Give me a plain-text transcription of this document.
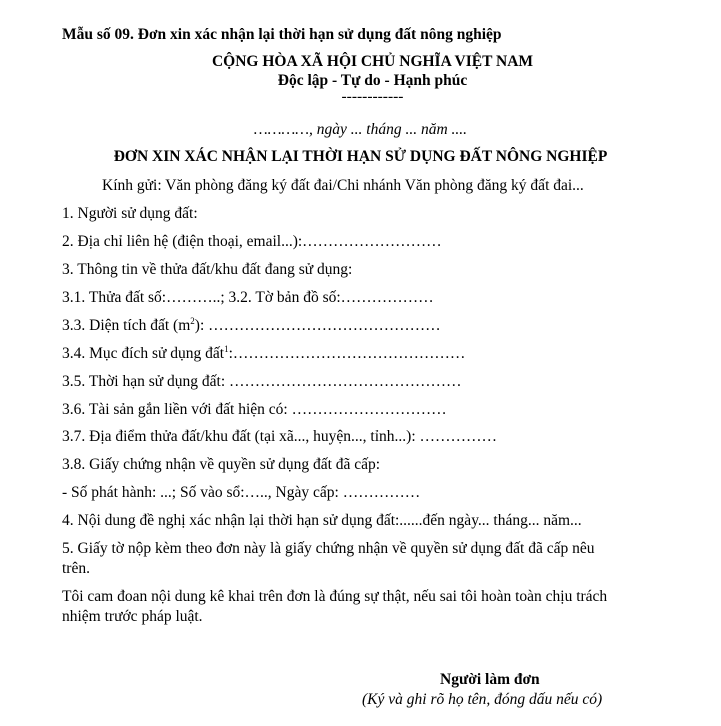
Mẫu số 09. Đơn xin xác nhận lại thời hạn sử dụng đất nông nghiệp
CỘNG HÒA XÃ HỘI CHỦ NGHĨA VIỆT NAM
Độc lập - Tự do - Hạnh phúc
------------
…………, ngày ... tháng ... năm ....
ĐƠN XIN XÁC NHẬN LẠI THỜI HẠN SỬ DỤNG ĐẤT NÔNG NGHIỆP
Kính gửi: Văn phòng đăng ký đất đai/Chi nhánh Văn phòng đăng ký đất đai...
1. Người sử dụng đất:
2. Địa chỉ liên hệ (điện thoại, email...):………………………
3. Thông tin về thửa đất/khu đất đang sử dụng:
3.1. Thửa đất số:………..; 3.2. Tờ bản đồ số:………………
3.3. Diện tích đất $(m^2)$: ………………………………………
3.4. Mục đích sử dụng đất$^1$:………………………………………
3.5. Thời hạn sử dụng đất: ………………………………………
3.6. Tài sản gắn liền với đất hiện có: …………………………
3.7. Địa điểm thửa đất/khu đất (tại xã..., huyện..., tỉnh...): ……………
3.8. Giấy chứng nhận về quyền sử dụng đất đã cấp:
- Số phát hành: ...; Số vào sổ:….., Ngày cấp: ……………
4. Nội dung đề nghị xác nhận lại thời hạn sử dụng đất:......đến ngày... tháng... năm...
5. Giấy tờ nộp kèm theo đơn này là giấy chứng nhận về quyền sử dụng đất đã cấp nêu
trên.
Tôi cam đoan nội dung kê khai trên đơn là đúng sự thật, nếu sai tôi hoàn toàn chịu trách
nhiệm trước pháp luật.
Người làm đơn
(Ký và ghi rõ họ tên, đóng dấu nếu có)
